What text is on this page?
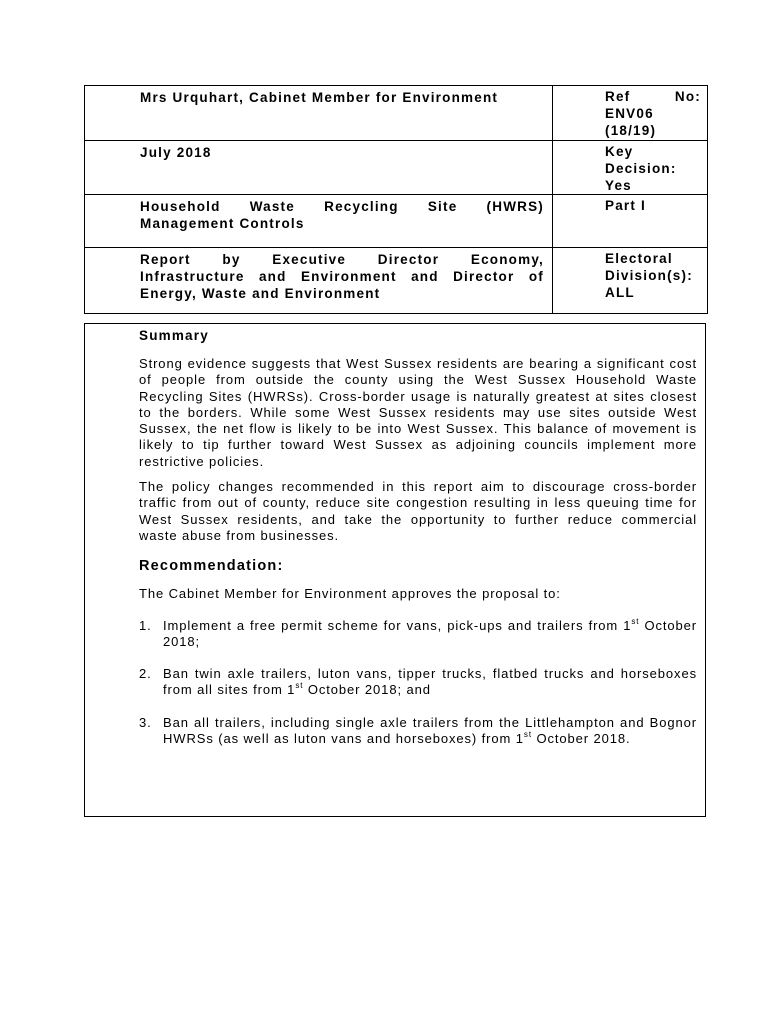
Mrs Urquhart, Cabinet Member for Environment	Ref No:
ENV06 (18/19)

July 2018	Key Decision:
Yes

Household Waste Recycling Site (HWRS) Management Controls	Part I
Report by Executive Director Economy, Infrastructure and Environment and Director of Energy, Waste and Environment	Electoral Division(s):
ALL
Summary

Strong evidence suggests that West Sussex residents are bearing a significant cost of people from outside the county using the West Sussex Household Waste Recycling Sites (HWRSs). Cross-border usage is naturally greatest at sites closest to the borders. While some West Sussex residents may use sites outside West Sussex, the net flow is likely to be into West Sussex. This balance of movement is likely to tip further toward West Sussex as adjoining councils implement more restrictive policies.

The policy changes recommended in this report aim to discourage cross-border traffic from out of county, reduce site congestion resulting in less queuing time for West Sussex residents, and take the opportunity to further reduce commercial waste abuse from businesses.

Recommendation:

The Cabinet Member for Environment approves the proposal to:

1. Implement a free permit scheme for vans, pick-ups and trailers from 1st October 2018;
2. Ban twin axle trailers, luton vans, tipper trucks, flatbed trucks and horseboxes from all sites from 1st October 2018; and
3. Ban all trailers, including single axle trailers from the Littlehampton and Bognor HWRSs (as well as luton vans and horseboxes) from 1st October 2018.
